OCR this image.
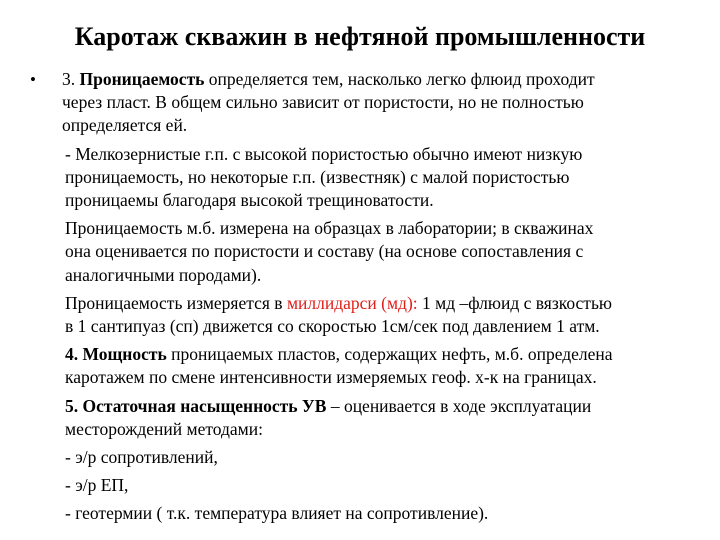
Каротаж скважин в нефтяной промышленности
• 3. Проницаемость определяется тем, насколько легко флюид проходит
через пласт. В общем сильно зависит от пористости, но не полностью
определяется ей.
- Мелкозернистые г.п. с высокой пористостью обычно имеют низкую
проницаемость, но некоторые г.п. (известняк) с малой пористостью
проницаемы благодаря высокой трещиноватости.
Проницаемость м.б. измерена на образцах в лаборатории; в скважинах
она оценивается по пористости и составу (на основе сопоставления с
аналогичными породами).
Проницаемость измеряется в миллидарси (мд): 1 мд –флюид с вязкостью
в 1 сантипуаз (сп) движется со скоростью 1см/сек под давлением 1 атм.
4. Мощность проницаемых пластов, содержащих нефть, м.б. определена
каротажем по смене интенсивности измеряемых геоф. х-к на границах.
5. Остаточная насыщенность УВ – оценивается в ходе эксплуатации
месторождений методами:
- э/р сопротивлений,
- э/р ЕП,
- геотермии ( т.к. температура влияет на сопротивление).
